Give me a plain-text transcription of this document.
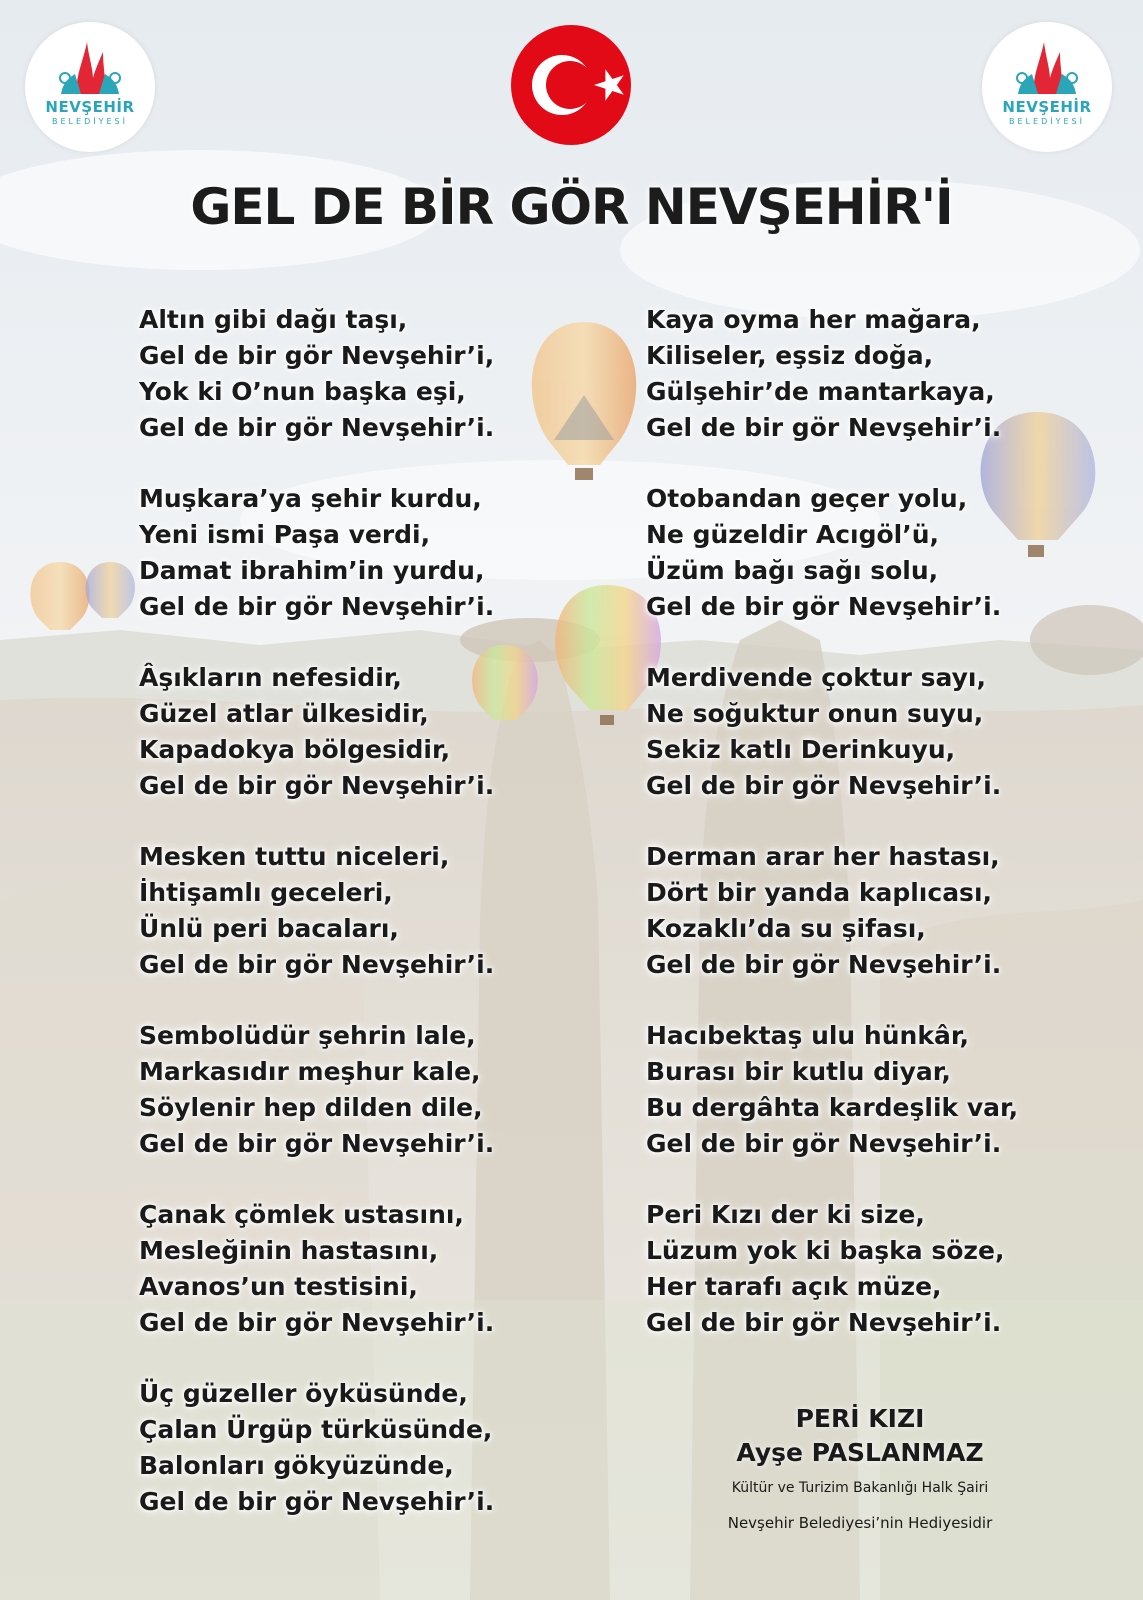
NEVŞEHİR
BELEDİYESİ
NEVŞEHİR
BELEDİYESİ
GEL DE BİR GÖR NEVŞEHİR'İ
Altın gibi dağı taşı,
Gel de bir gör Nevşehir’i,
Yok ki O’nun başka eşi,
Gel de bir gör Nevşehir’i.
Muşkara’ya şehir kurdu,
Yeni ismi Paşa verdi,
Damat ibrahim’in yurdu,
Gel de bir gör Nevşehir’i.
Âşıkların nefesidir,
Güzel atlar ülkesidir,
Kapadokya bölgesidir,
Gel de bir gör Nevşehir’i.
Mesken tuttu niceleri,
İhtişamlı geceleri,
Ünlü peri bacaları,
Gel de bir gör Nevşehir’i.
Sembolüdür şehrin lale,
Markasıdır meşhur kale,
Söylenir hep dilden dile,
Gel de bir gör Nevşehir’i.
Çanak çömlek ustasını,
Mesleğinin hastasını,
Avanos’un testisini,
Gel de bir gör Nevşehir’i.
Üç güzeller öyküsünde,
Çalan Ürgüp türküsünde,
Balonları gökyüzünde,
Gel de bir gör Nevşehir’i.
Kaya oyma her mağara,
Kiliseler, eşsiz doğa,
Gülşehir’de mantarkaya,
Gel de bir gör Nevşehir’i.
Otobandan geçer yolu,
Ne güzeldir Acıgöl’ü,
Üzüm bağı sağı solu,
Gel de bir gör Nevşehir’i.
Merdivende çoktur sayı,
Ne soğuktur onun suyu,
Sekiz katlı Derinkuyu,
Gel de bir gör Nevşehir’i.
Derman arar her hastası,
Dört bir yanda kaplıcası,
Kozaklı’da su şifası,
Gel de bir gör Nevşehir’i.
Hacıbektaş ulu hünkâr,
Burası bir kutlu diyar,
Bu dergâhta kardeşlik var,
Gel de bir gör Nevşehir’i.
Peri Kızı der ki size,
Lüzum yok ki başka söze,
Her tarafı açık müze,
Gel de bir gör Nevşehir’i.
PERİ KIZI
Ayşe PASLANMAZ
Kültür ve Turizim Bakanlığı Halk Şairi
Nevşehir Belediyesi’nin Hediyesidir
